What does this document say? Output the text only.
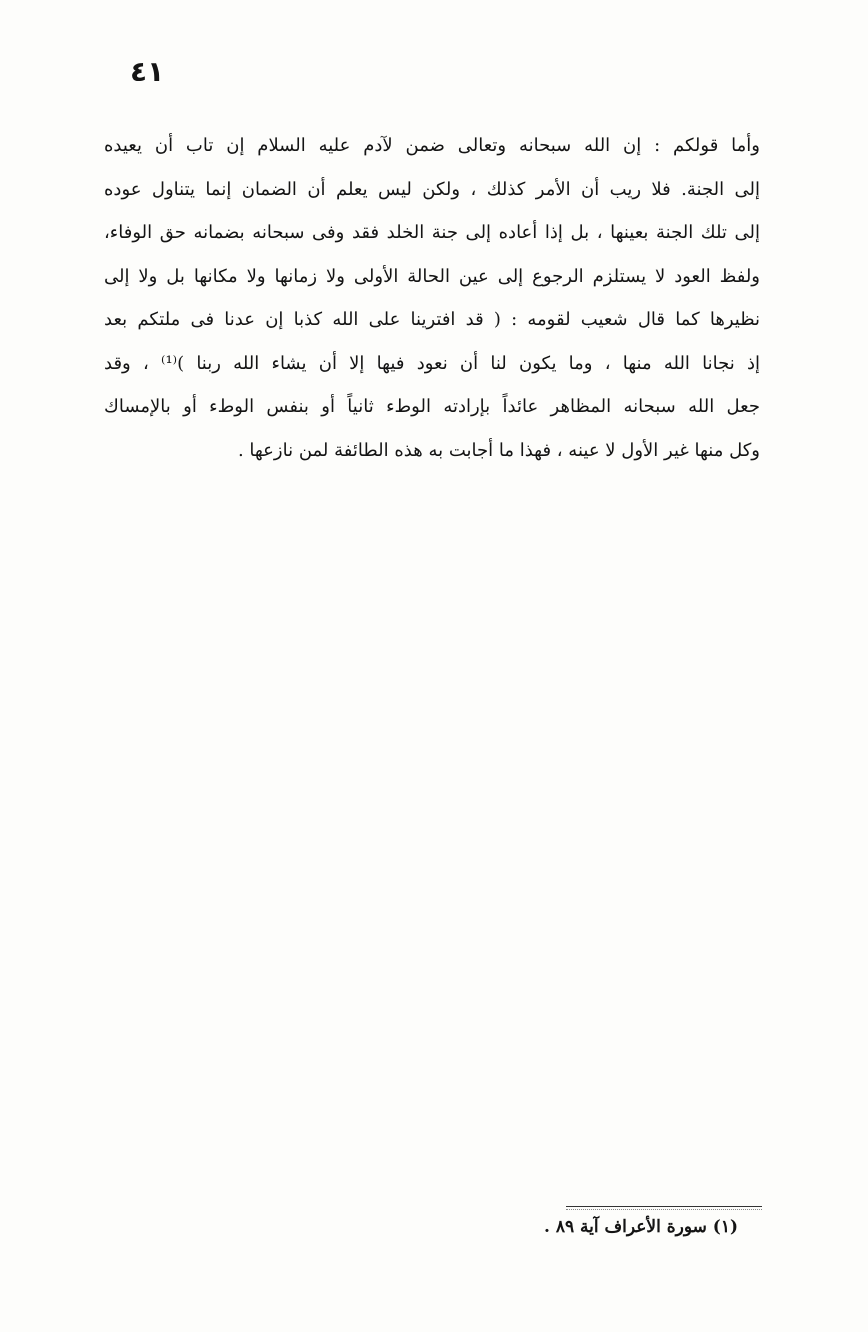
٤١
وأما قولكم : إن الله سبحانه وتعالى ضمن لآدم عليه السلام إن تاب أن يعيده
إلى الجنة. فلا ريب أن الأمر كذلك ، ولكن ليس يعلم أن الضمان إنما يتناول عوده
إلى تلك الجنة بعينها ، بل إذا أعاده إلى جنة الخلد فقد وفى سبحانه بضمانه حق الوفاء،
ولفظ العود لا يستلزم الرجوع إلى عين الحالة الأولى ولا زمانها ولا مكانها بل ولا إلى
نظيرها كما قال شعيب لقومه : ( قد افترينا على الله كذبا إن عدنا فى ملتكم بعد
إذ نجانا الله منها ، وما يكون لنا أن نعود فيها إلا أن يشاء الله ربنا )⁽¹⁾ ، وقد
جعل الله سبحانه المظاهر عائداً بإرادته الوطء ثانياً أو بنفس الوطء أو بالإمساك
وكل منها غير الأول لا عينه ، فهذا ما أجابت به هذه الطائفة لمن نازعها .
(١) سورة الأعراف آية ٨٩ .
